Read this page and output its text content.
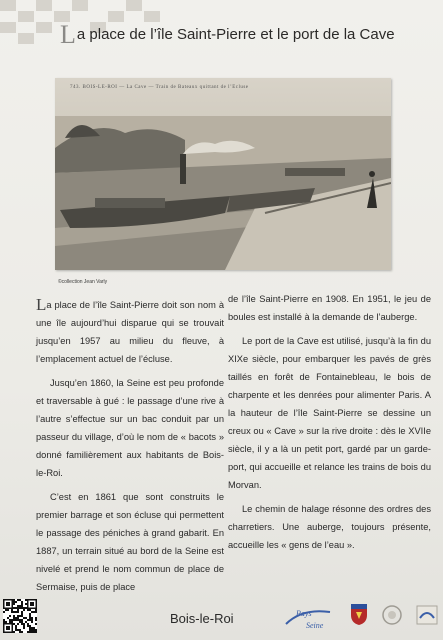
La place de l’île Saint-Pierre et le port de la Cave
743. BOIS-LE-ROI — La Cave — Train de Bateaux quittant de l’Ecluse
©collection Jean Varly

La place de l’île Saint-Pierre doit son nom à une île aujourd’hui disparue qui se trouvait jusqu’en 1957 au milieu du fleuve, à l’emplacement actuel de l’écluse.

Jusqu’en 1860, la Seine est peu profonde et traversable à gué : le passage d’une rive à l’autre s’effectue sur un bac conduit par un passeur du village, d’où le nom de « bacots » donné familièrement aux habitants de Bois-le-Roi.

C’est en 1861 que sont construits le premier barrage et son écluse qui permettent le passage des péniches à grand gabarit. En 1887, un terrain situé au bord de la Seine est nivelé et prend le nom commun de place de Sermaise, puis de place

de l’île Saint-Pierre en 1908. En 1951, le jeu de boules est installé à la demande de l’auberge.

Le port de la Cave est utilisé, jusqu’à la fin du XIXe siècle, pour embarquer les pavés de grès taillés en forêt de Fontainebleau, le bois de charpente et les denrées pour alimenter Paris. A la hauteur de l’île Saint-Pierre se dessine un creux ou « Cave » sur la rive droite : dès le XVIIe siècle, il y a là un petit port, gardé par un garde-port, qui accueille et relance les trains de bois du Morvan.

Le chemin de halage résonne des ordres des charretiers. Une auberge, toujours présente, accueille les « gens de l’eau ».

Bois-le-Roi	Pays
Seine
